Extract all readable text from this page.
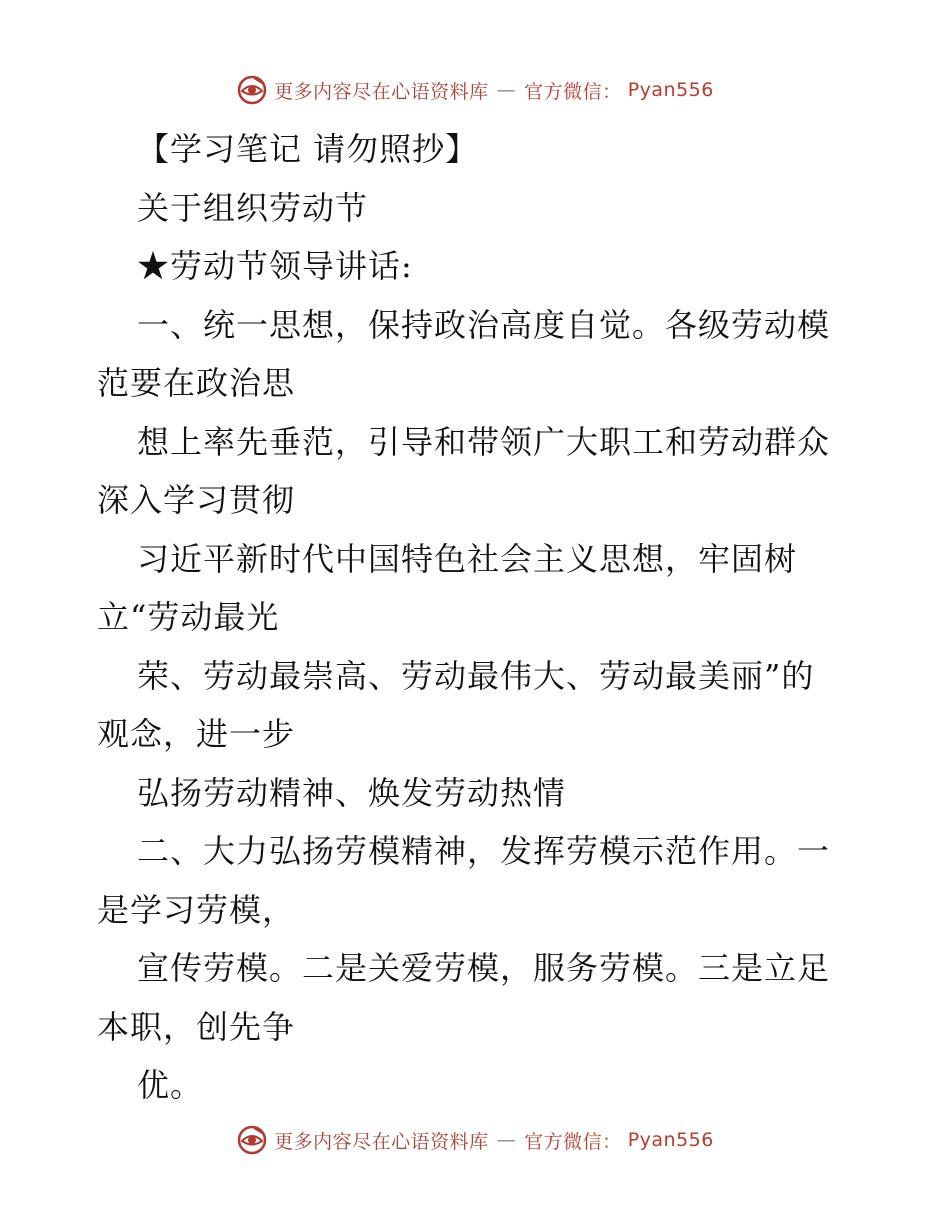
更多内容尽在心语资料库 — 官方微信： Pyan556
【学习笔记 请勿照抄】
关于组织劳动节
★劳动节领导讲话:
一、统一思想，保持政治高度自觉。各级劳动模
范要在政治思
想上率先垂范，引导和带领广大职工和劳动群众
深入学习贯彻
习近平新时代中国特色社会主义思想，牢固树
立“劳动最光
荣、劳动最崇高、劳动最伟大、劳动最美丽”的
观念，进一步
弘扬劳动精神、焕发劳动热情
二、大力弘扬劳模精神，发挥劳模示范作用。一
是学习劳模，
宣传劳模。二是关爱劳模，服务劳模。三是立足
本职，创先争
优。
更多内容尽在心语资料库 — 官方微信： Pyan556
